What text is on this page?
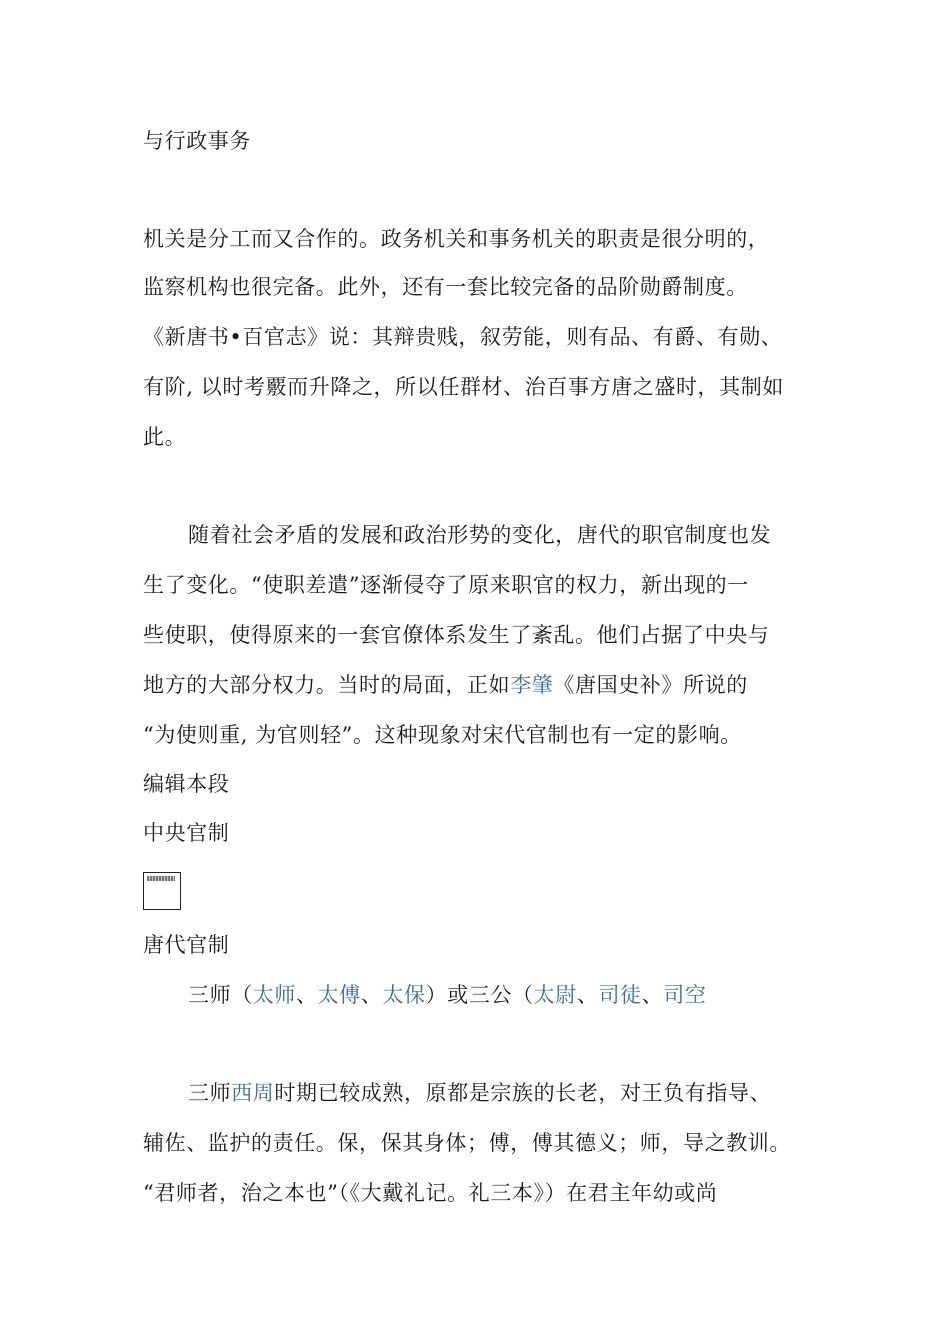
与行政事务
机关是分工而又合作的。政务机关和事务机关的职责是很分明的，
监察机构也很完备。此外，还有一套比较完备的品阶勋爵制度。
《新唐书•百官志》说：其辩贵贱，叙劳能，则有品、有爵、有勋、
有阶, 以时考覈而升降之，所以任群材、治百事方唐之盛时，其制如
此。
随着社会矛盾的发展和政治形势的变化，唐代的职官制度也发
生了变化。“使职差遣”逐渐侵夺了原来职官的权力，新出现的一
些使职，使得原来的一套官僚体系发生了紊乱。他们占据了中央与
地方的大部分权力。当时的局面，正如李肇《唐国史补》所说的
“为使则重, 为官则轻”。这种现象对宋代官制也有一定的影响。
编辑本段
中央官制
唐代官制
三师（太师、太傅、太保）或三公（太尉、司徒、司空
三师西周时期已较成熟，原都是宗族的长老，对王负有指导、
辅佐、监护的责任。保，保其身体；傅，傅其德义；师，导之教训。
“君师者，治之本也”（《大戴礼记。礼三本》）在君主年幼或尚
